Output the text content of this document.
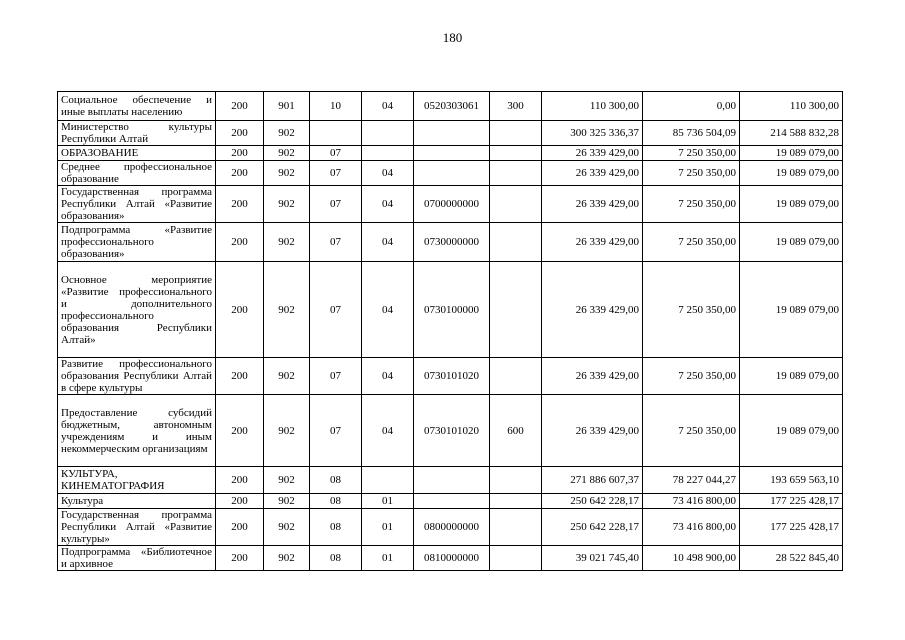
180
Социальное обеспечение и иные выплаты населению	200	901	10	04	0520303061	300	110 300,00	0,00	110 300,00
Министерство культуры Республики Алтай	200	902					300 325 336,37	85 736 504,09	214 588 832,28
ОБРАЗОВАНИЕ	200	902	07				26 339 429,00	7 250 350,00	19 089 079,00
Среднее профессиональное образование	200	902	07	04			26 339 429,00	7 250 350,00	19 089 079,00
Государственная программа Республики Алтай «Развитие образования»	200	902	07	04	0700000000		26 339 429,00	7 250 350,00	19 089 079,00
Подпрограмма «Развитие профессионального образования»	200	902	07	04	0730000000		26 339 429,00	7 250 350,00	19 089 079,00
Основное мероприятие «Развитие профессионального и дополнительного профессионального образования Республики Алтай»	200	902	07	04	0730100000		26 339 429,00	7 250 350,00	19 089 079,00
Развитие профессионального образования Республики Алтай в сфере культуры	200	902	07	04	0730101020		26 339 429,00	7 250 350,00	19 089 079,00
Предоставление субсидий бюджетным, автономным учреждениям и иным некоммерческим организациям	200	902	07	04	0730101020	600	26 339 429,00	7 250 350,00	19 089 079,00
КУЛЬТУРА, КИНЕМАТОГРАФИЯ	200	902	08				271 886 607,37	78 227 044,27	193 659 563,10
Культура	200	902	08	01			250 642 228,17	73 416 800,00	177 225 428,17
Государственная программа Республики Алтай «Развитие культуры»	200	902	08	01	0800000000		250 642 228,17	73 416 800,00	177 225 428,17
Подпрограмма «Библиотечное и архивное	200	902	08	01	0810000000		39 021 745,40	10 498 900,00	28 522 845,40
